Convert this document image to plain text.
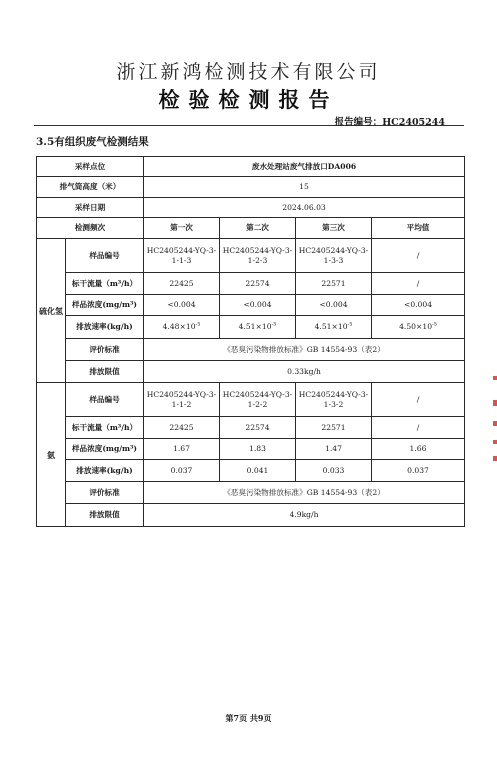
浙江新鸿检测技术有限公司
检验检测报告
报告编号：HC2405244
3.5有组织废气检测结果
采样点位		废水处理站废气排放口DA006			
排气筒高度（米）		15			
采样日期		2024.06.03			
检测频次		第一次	第二次	第三次	平均值
硫化氢	样品编号	HC2405244-YQ-3-1-1-3	HC2405244-YQ-3-1-2-3	HC2405244-YQ-3-1-3-3	/
	标干流量（m³/h）	22425	22574	22571	/
	样品浓度(mg/m³)	<0.004	<0.004	<0.004	<0.004
	排放速率(kg/h)	$4.48\times 10^{-5}$	$4.51\times 10^{-5}$	$4.51\times 10^{-5}$	$4.50\times 10^{-5}$
	评价标准	《恶臭污染物排放标准》GB 14554-93（表2）			
	排放限值	0.33kg/h			
氨	样品编号	HC2405244-YQ-3-1-1-2	HC2405244-YQ-3-1-2-2	HC2405244-YQ-3-1-3-2	/
	标干流量（m³/h）	22425	22574	22571	/
	样品浓度(mg/m³)	1.67	1.83	1.47	1.66
	排放速率(kg/h)	0.037	0.041	0.033	0.037
	评价标准	《恶臭污染物排放标准》GB 14554-93（表2）			
	排放限值	4.9kg/h			
第7页 共9页
